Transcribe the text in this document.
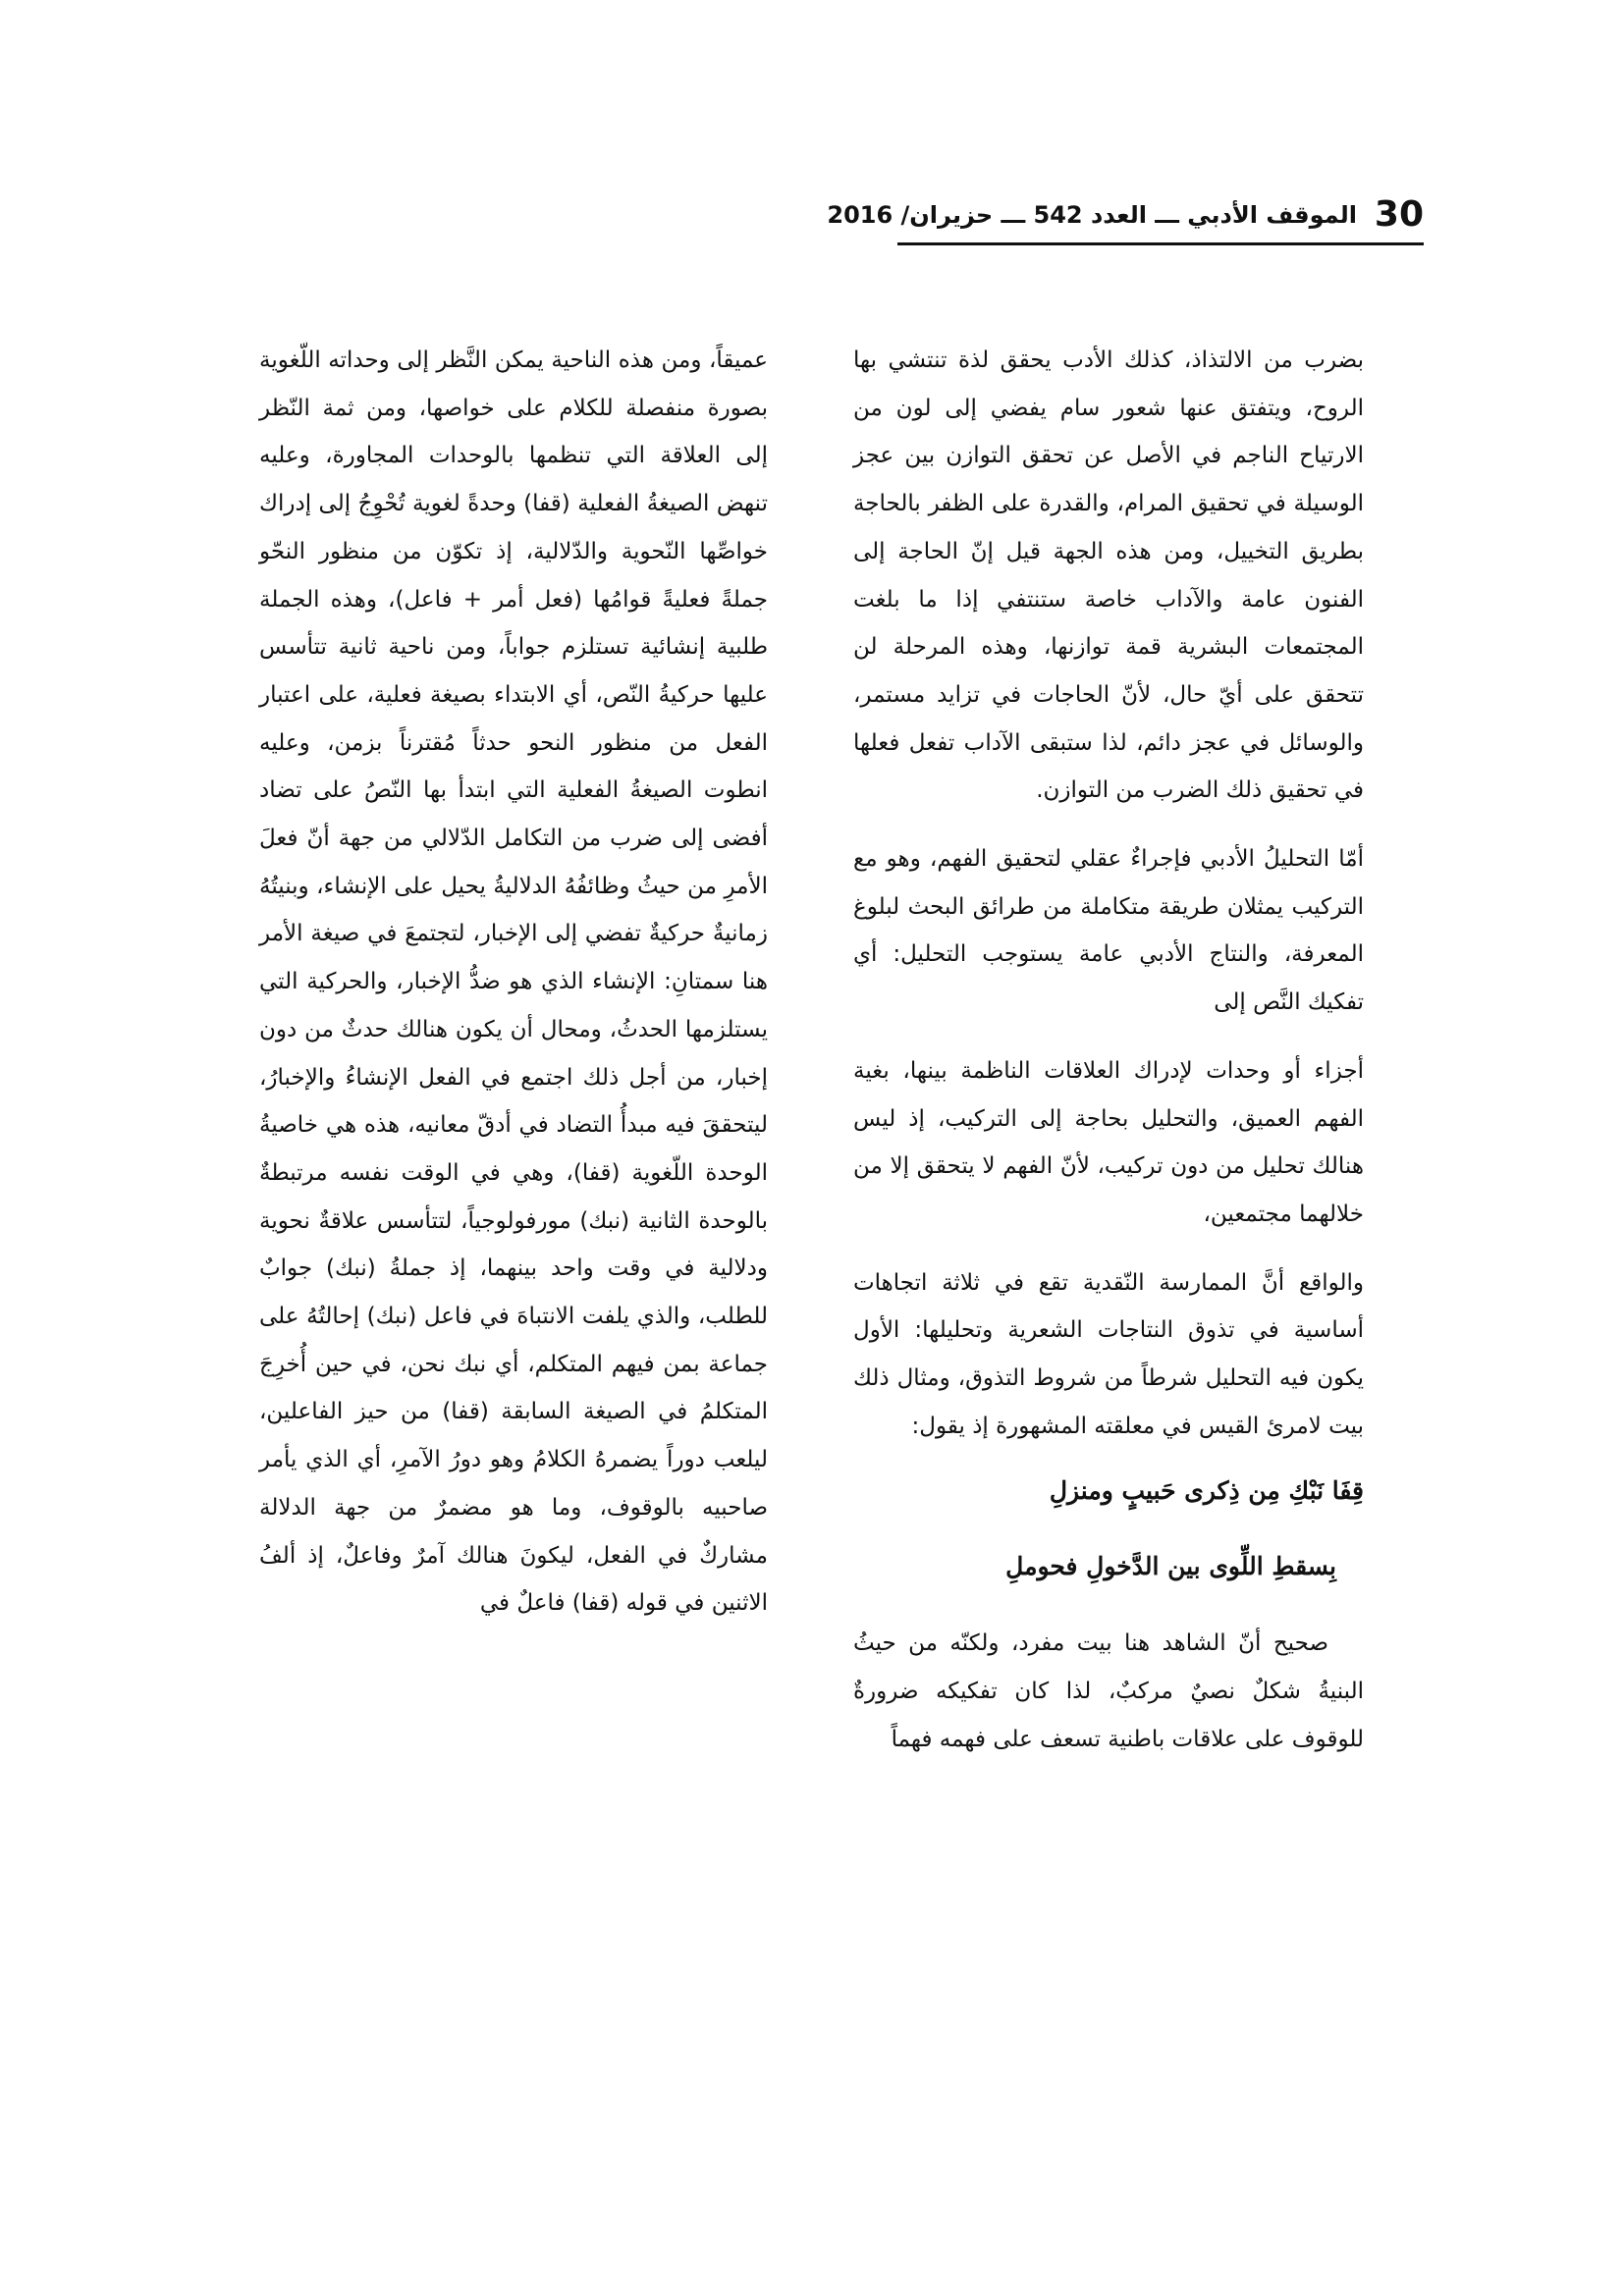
30
الموقف الأدبي ـــ العدد 542 ـــ حزيران/ 2016

بضرب من الالتذاذ، كذلك الأدب يحقق لذة تنتشي بها الروح، ويتفتق عنها شعور سام يفضي إلى لون من الارتياح الناجم في الأصل عن تحقق التوازن بين عجز الوسيلة في تحقيق المرام، والقدرة على الظفر بالحاجة بطريق التخييل، ومن هذه الجهة قيل إنّ الحاجة إلى الفنون عامة والآداب خاصة ستنتفي إذا ما بلغت المجتمعات البشرية قمة توازنها، وهذه المرحلة لن تتحقق على أيّ حال، لأنّ الحاجات في تزايد مستمر، والوسائل في عجز دائم، لذا ستبقى الآداب تفعل فعلها في تحقيق ذلك الضرب من التوازن.

أمّا التحليلُ الأدبي فإجراءٌ عقلي لتحقيق الفهم، وهو مع التركيب يمثلان طريقة متكاملة من طرائق البحث لبلوغ المعرفة، والنتاج الأدبي عامة يستوجب التحليل: أي تفكيك النَّص إلى

أجزاء أو وحدات لإدراك العلاقات الناظمة بينها، بغية الفهم العميق، والتحليل بحاجة إلى التركيب، إذ ليس هنالك تحليل من دون تركيب، لأنّ الفهم لا يتحقق إلا من خلالهما مجتمعين،

والواقع أنَّ الممارسة النّقدية تقع في ثلاثة اتجاهات أساسية في تذوق النتاجات الشعرية وتحليلها: الأول يكون فيه التحليل شرطاً من شروط التذوق، ومثال ذلك بيت لامرئ القيس في معلقته المشهورة إذ يقول:

قِفَا نَبْكِ مِن ذِكرى حَبيبٍ ومنزلِ

بِسقطِ اللِّوى بين الدَّخولِ فحوملِ

صحيح أنّ الشاهد هنا بيت مفرد، ولكنّه من حيثُ البنيةُ شكلٌ نصيٌ مركبٌ، لذا كان تفكيكه ضرورةٌ للوقوف على علاقات باطنية تسعف على فهمه فهماً

عميقاً، ومن هذه الناحية يمكن النَّظر إلى وحداته اللّغوية بصورة منفصلة للكلام على خواصها، ومن ثمة النّظر إلى العلاقة التي تنظمها بالوحدات المجاورة، وعليه تنهض الصيغةُ الفعلية (قفا) وحدةً لغوية تُحْوِجُ إلى إدراك خواصِّها النّحوية والدّلالية، إذ تكوّن من منظور النحّو جملةً فعليةً قوامُها (فعل أمر + فاعل)، وهذه الجملة طلبية إنشائية تستلزم جواباً، ومن ناحية ثانية تتأسس عليها حركيةُ النّص، أي الابتداء بصيغة فعلية، على اعتبار الفعل من منظور النحو حدثاً مُقترناً بزمن، وعليه انطوت الصيغةُ الفعلية التي ابتدأ بها النّصُ على تضاد أفضى إلى ضرب من التكامل الدّلالي من جهة أنّ فعلَ الأمرِ من حيثُ وظائفُهُ الدلاليةُ يحيل على الإنشاء، وبنيتُهُ زمانيةٌ حركيةٌ تفضي إلى الإخبار، لتجتمعَ في صيغة الأمر هنا سمتانِ: الإنشاء الذي هو ضدُّ الإخبار، والحركية التي يستلزمها الحدثُ، ومحال أن يكون هنالك حدثٌ من دون إخبار، من أجل ذلك اجتمع في الفعل الإنشاءُ والإخبارُ، ليتحققَ فيه مبدأُ التضاد في أدقّ معانيه، هذه هي خاصيةُ الوحدة اللّغوية (قفا)، وهي في الوقت نفسه مرتبطةٌ بالوحدة الثانية (نبك) مورفولوجياً، لتتأسس علاقةٌ نحوية ودلالية في وقت واحد بينهما، إذ جملةُ (نبك) جوابٌ للطلب، والذي يلفت الانتباهَ في فاعل (نبك) إحالتُهُ على جماعة بمن فيهم المتكلم، أي نبك نحن، في حين أُخرِجَ المتكلمُ في الصيغة السابقة (قفا) من حيز الفاعلين، ليلعب دوراً يضمرهُ الكلامُ وهو دورُ الآمرِ، أي الذي يأمر صاحبيه بالوقوف، وما هو مضمرٌ من جهة الدلالة مشاركٌ في الفعل، ليكونَ هنالك آمرٌ وفاعلٌ، إذ ألفُ الاثنين في قوله (قفا) فاعلٌ في
